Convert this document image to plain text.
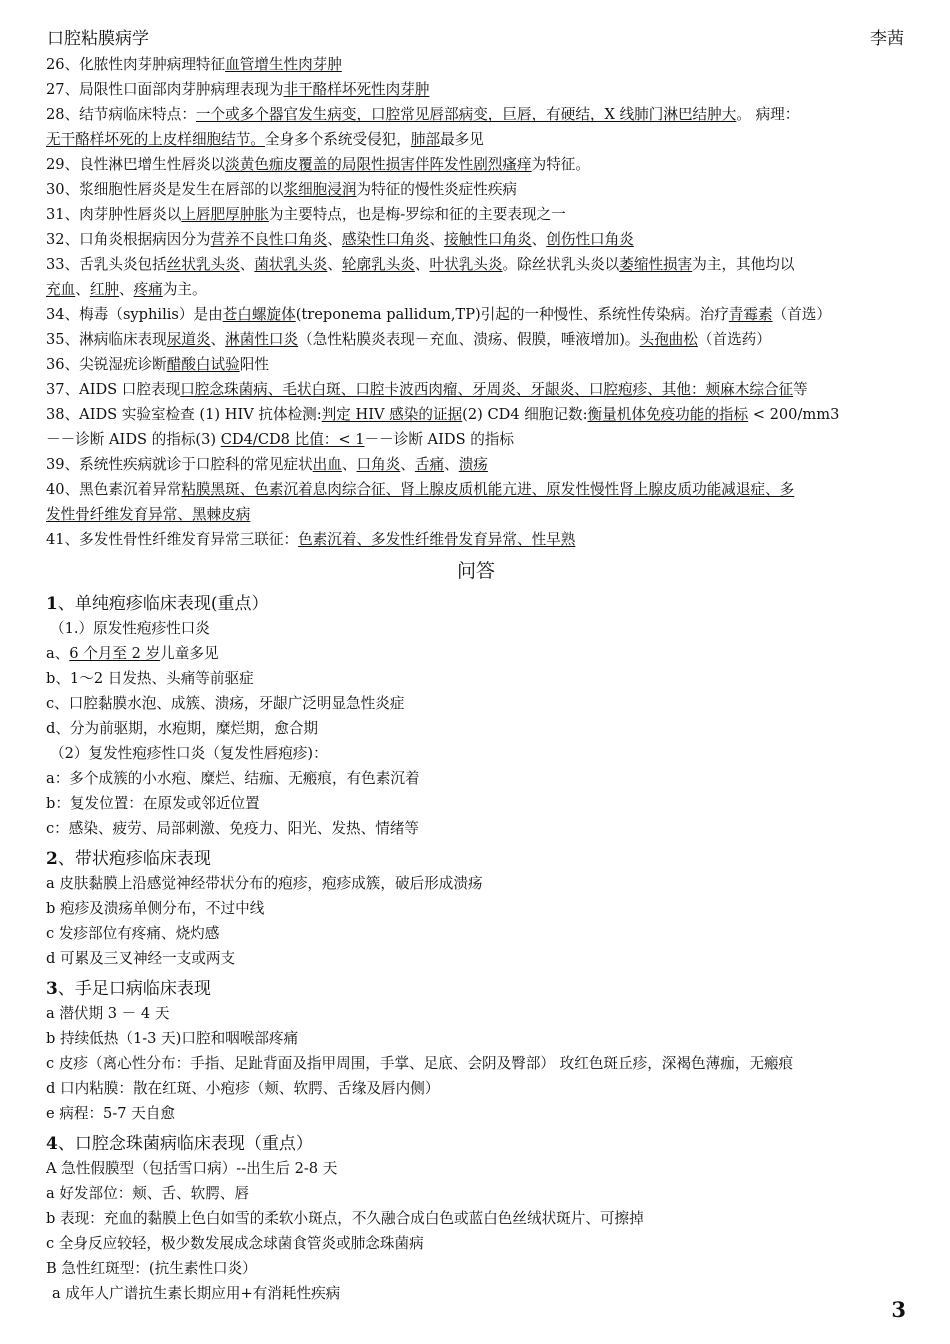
口腔粘膜病学	李茜
26、化脓性肉芽肿病理特征血管增生性肉芽肿
27、局限性口面部肉芽肿病理表现为非干酪样坏死性肉芽肿
28、结节病临床特点：一个或多个器官发生病变，口腔常见唇部病变，巨唇，有硬结，X 线肺门淋巴结肿大。 病理：
无干酪样坏死的上皮样细胞结节。全身多个系统受侵犯，肺部最多见
29、良性淋巴增生性唇炎以淡黄色痂皮覆盖的局限性损害伴阵发性剧烈瘙痒为特征。
30、浆细胞性唇炎是发生在唇部的以浆细胞浸润为特征的慢性炎症性疾病
31、肉芽肿性唇炎以上唇肥厚肿胀为主要特点，也是梅-罗综和征的主要表现之一
32、口角炎根据病因分为营养不良性口角炎、感染性口角炎、接触性口角炎、创伤性口角炎
33、舌乳头炎包括丝状乳头炎、菌状乳头炎、轮廓乳头炎、叶状乳头炎。除丝状乳头炎以萎缩性损害为主，其他均以
充血、红肿、疼痛为主。
34、梅毒（syphilis）是由苍白螺旋体(treponema pallidum,TP)引起的一种慢性、系统性传染病。治疗青霉素（首选）
35、淋病临床表现尿道炎、淋菌性口炎（急性粘膜炎表现－充血、溃疡、假膜，唾液增加)。头孢曲松（首选药）
36、尖锐湿疣诊断醋酸白试验阳性
37、AIDS 口腔表现口腔念珠菌病、毛状白斑、口腔卡波西肉瘤、牙周炎、牙龈炎、口腔疱疹、其他：颊麻木综合征等
38、AIDS 实验室检查 (1) HIV 抗体检测:判定 HIV 感染的证据(2) CD4 细胞记数:衡量机体免疫功能的指标 < 200/mm3
－－诊断 AIDS 的指标(3) CD4/CD8 比值：< 1－－诊断 AIDS 的指标
39、系统性疾病就诊于口腔科的常见症状出血、口角炎、舌痛、溃疡
40、黑色素沉着异常粘膜黑斑、色素沉着息肉综合征、肾上腺皮质机能亢进、原发性慢性肾上腺皮质功能减退症、多
发性骨纤维发育异常、黑棘皮病
41、多发性骨性纤维发育异常三联征：色素沉着、多发性纤维骨发育异常、性早熟
问答
1、单纯疱疹临床表现(重点）
（1.）原发性疱疹性口炎
a、6 个月至 2 岁儿童多见
b、1～2 日发热、头痛等前驱症
c、口腔黏膜水泡、成簇、溃疡，牙龈广泛明显急性炎症
d、分为前驱期，水疱期，糜烂期，愈合期
（2）复发性疱疹性口炎（复发性唇疱疹)：
a：多个成簇的小水疱、糜烂、结痂、无瘢痕，有色素沉着
b：复发位置：在原发或邻近位置
c：感染、疲劳、局部刺激、免疫力、阳光、发热、情绪等
2、带状疱疹临床表现
a 皮肤黏膜上沿感觉神经带状分布的疱疹，疱疹成簇，破后形成溃疡
b 疱疹及溃疡单侧分布，不过中线
c 发疹部位有疼痛、烧灼感
d 可累及三叉神经一支或两支
3、手足口病临床表现
a 潜伏期 3 － 4 天
b 持续低热（1-3 天)口腔和咽喉部疼痛
c 皮疹（离心性分布：手指、足趾背面及指甲周围，手掌、足底、会阴及臀部） 玫红色斑丘疹，深褐色薄痂，无瘢痕
d 口内粘膜：散在红斑、小疱疹（颊、软腭、舌缘及唇内侧）
e 病程：5-7 天自愈
4、口腔念珠菌病临床表现（重点）
A 急性假膜型（包括雪口病）--出生后 2-8 天
a 好发部位：颊、舌、软腭、唇
b 表现：充血的黏膜上色白如雪的柔软小斑点，不久融合成白色或蓝白色丝绒状斑片、可擦掉
c 全身反应较轻，极少数发展成念球菌食管炎或肺念珠菌病
B 急性红斑型：(抗生素性口炎）
a 成年人广谱抗生素长期应用+有消耗性疾病
3
